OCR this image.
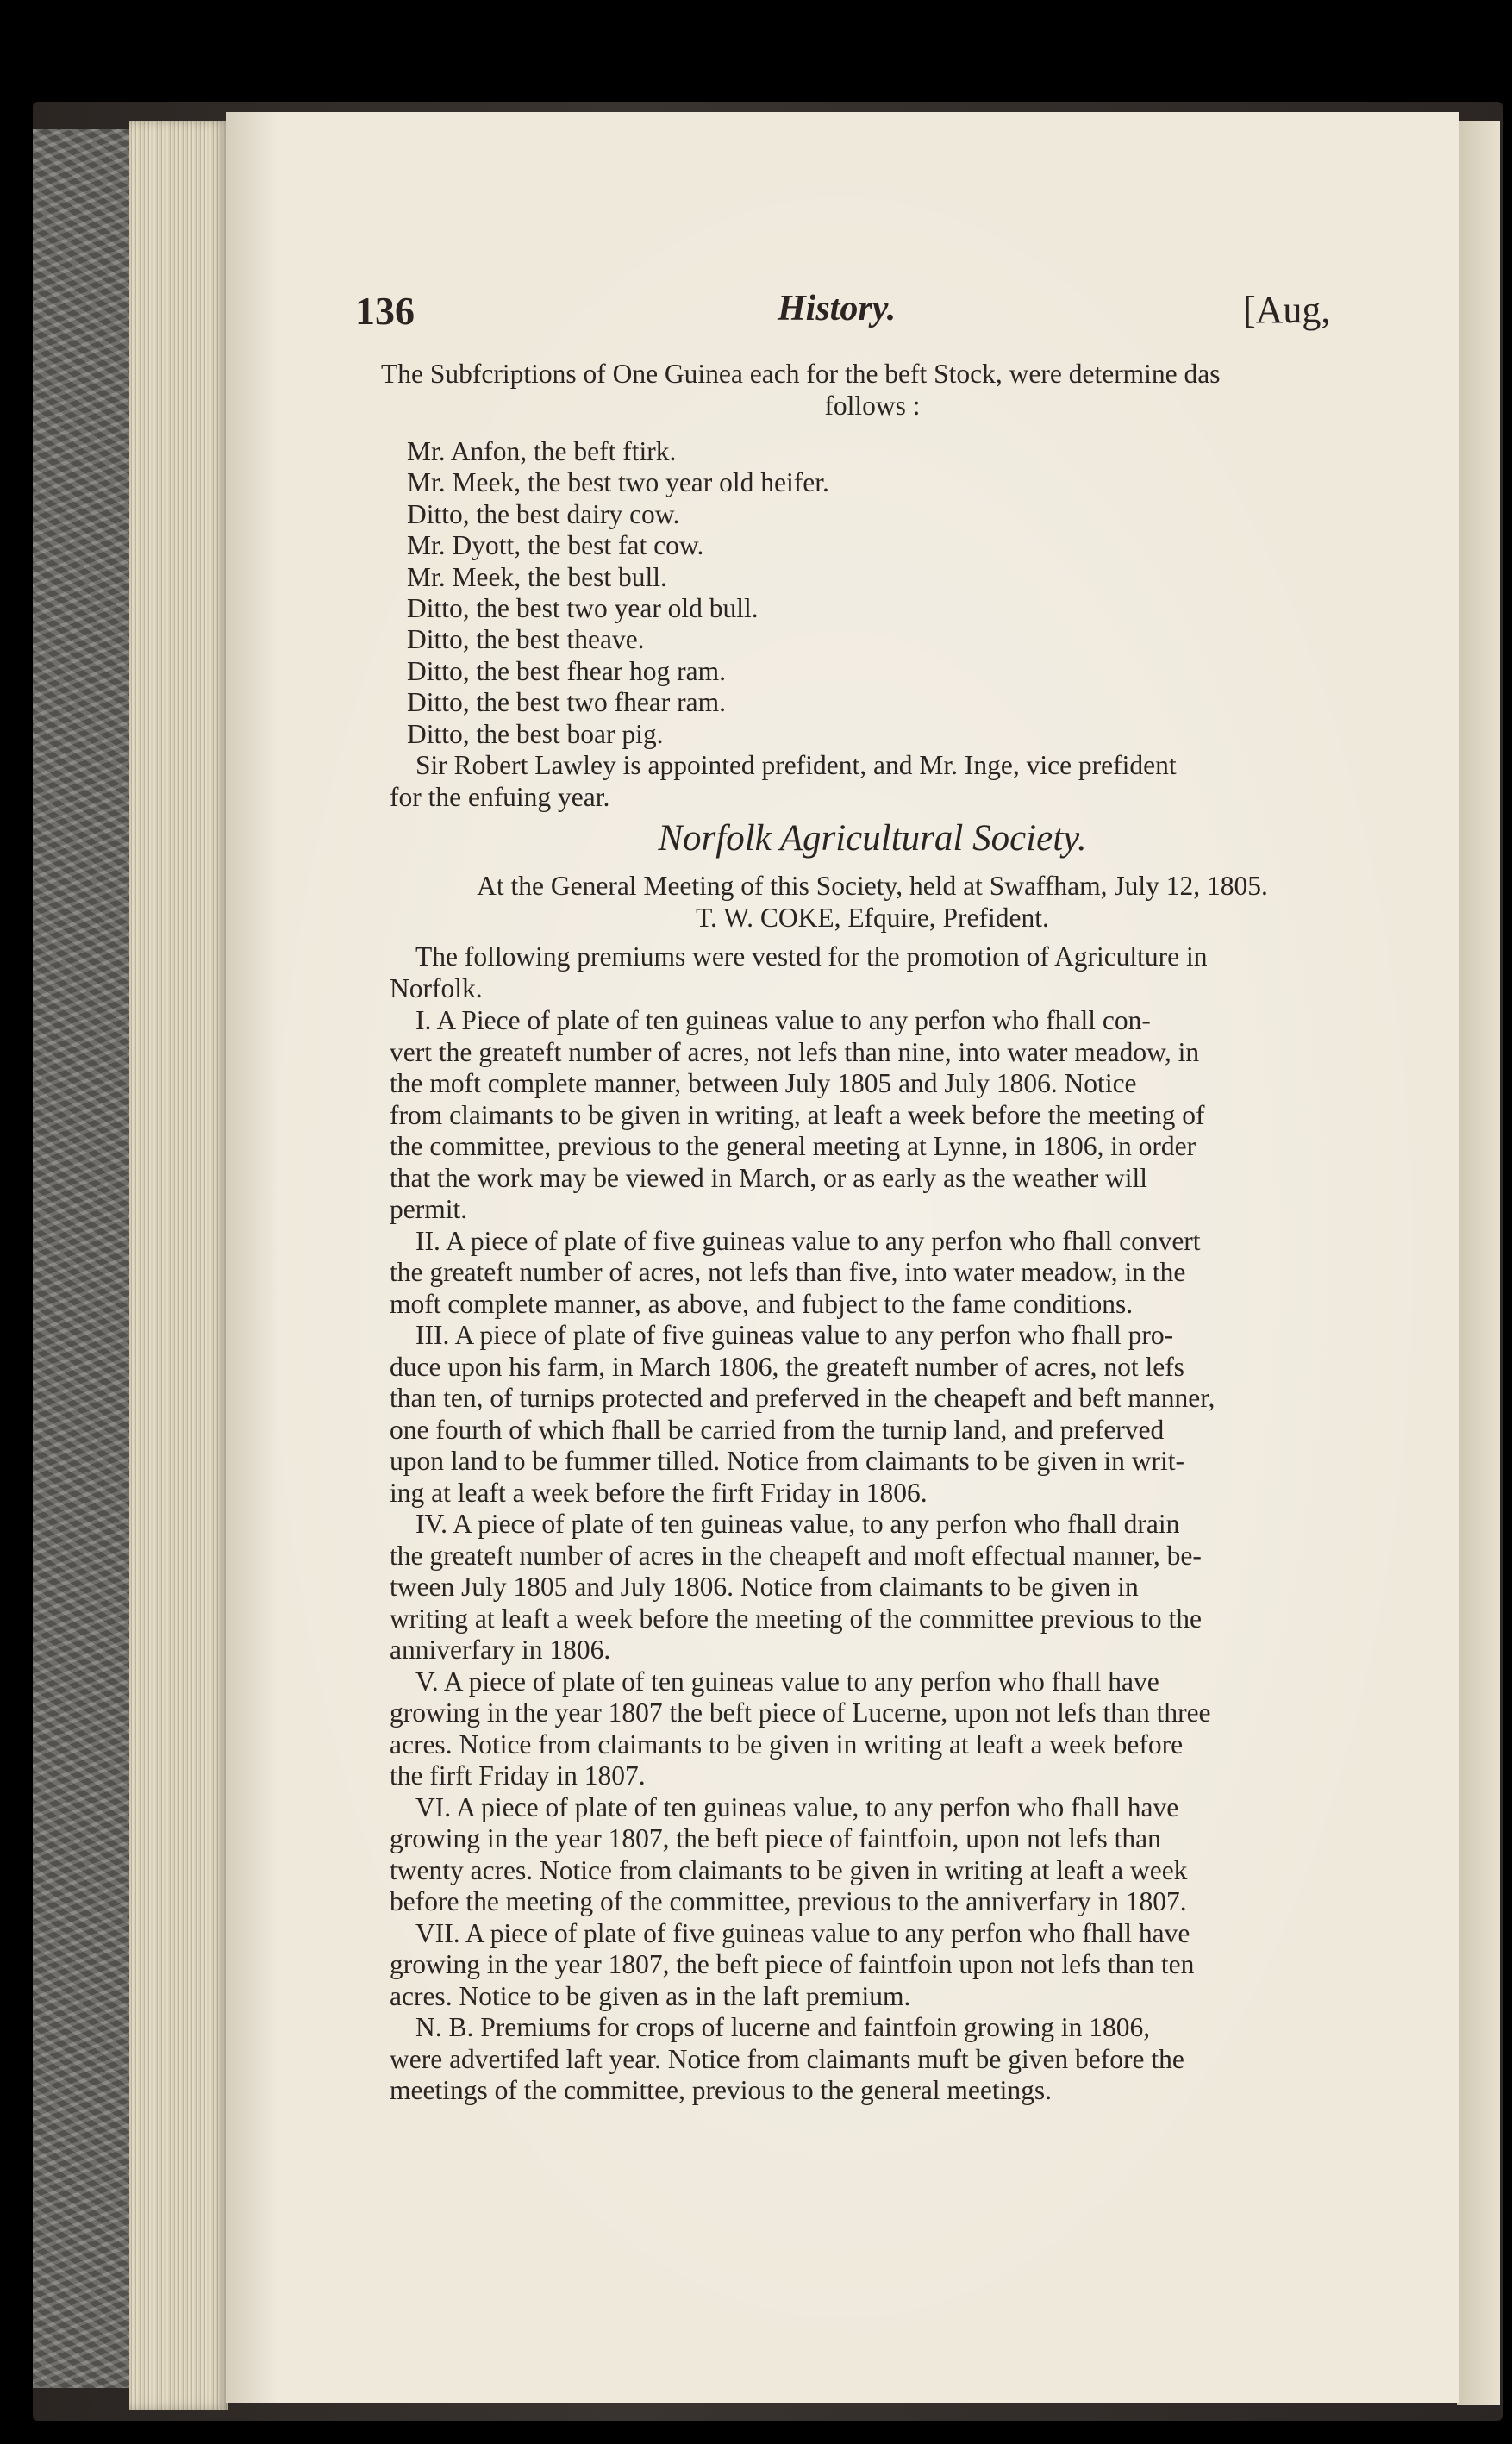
136	History.	[Aug,
The Subfcriptions of One Guinea each for the beft Stock, were determine das
follows :
Mr. Anfon, the beft ftirk.
Mr. Meek, the best two year old heifer.
Ditto, the best dairy cow.
Mr. Dyott, the best fat cow.
Mr. Meek, the best bull.
Ditto, the best two year old bull.
Ditto, the best theave.
Ditto, the best fhear hog ram.
Ditto, the best two fhear ram.
Ditto, the best boar pig.
Sir Robert Lawley is appointed prefident, and Mr. Inge, vice prefident
for the enfuing year.
Norfolk Agricultural Society.
At the General Meeting of this Society, held at Swaffham, July 12, 1805.
T. W. COKE, Efquire, Prefident.
The following premiums were vested for the promotion of Agriculture in
Norfolk.
I. A Piece of plate of ten guineas value to any perfon who fhall con-
vert the greateft number of acres, not lefs than nine, into water meadow, in
the moft complete manner, between July 1805 and July 1806. Notice
from claimants to be given in writing, at leaft a week before the meeting of
the committee, previous to the general meeting at Lynne, in 1806, in order
that the work may be viewed in March, or as early as the weather will
permit.
II. A piece of plate of five guineas value to any perfon who fhall convert
the greateft number of acres, not lefs than five, into water meadow, in the
moft complete manner, as above, and fubject to the fame conditions.
III. A piece of plate of five guineas value to any perfon who fhall pro-
duce upon his farm, in March 1806, the greateft number of acres, not lefs
than ten, of turnips protected and preferved in the cheapeft and beft manner,
one fourth of which fhall be carried from the turnip land, and preferved
upon land to be fummer tilled. Notice from claimants to be given in writ-
ing at leaft a week before the firft Friday in 1806.
IV. A piece of plate of ten guineas value, to any perfon who fhall drain
the greateft number of acres in the cheapeft and moft effectual manner, be-
tween July 1805 and July 1806. Notice from claimants to be given in
writing at leaft a week before the meeting of the committee previous to the
anniverfary in 1806.
V. A piece of plate of ten guineas value to any perfon who fhall have
growing in the year 1807 the beft piece of Lucerne, upon not lefs than three
acres. Notice from claimants to be given in writing at leaft a week before
the firft Friday in 1807.
VI. A piece of plate of ten guineas value, to any perfon who fhall have
growing in the year 1807, the beft piece of faintfoin, upon not lefs than
twenty acres. Notice from claimants to be given in writing at leaft a week
before the meeting of the committee, previous to the anniverfary in 1807.
VII. A piece of plate of five guineas value to any perfon who fhall have
growing in the year 1807, the beft piece of faintfoin upon not lefs than ten
acres. Notice to be given as in the laft premium.
N. B. Premiums for crops of lucerne and faintfoin growing in 1806,
were advertifed laft year. Notice from claimants muft be given before the
meetings of the committee, previous to the general meetings.
